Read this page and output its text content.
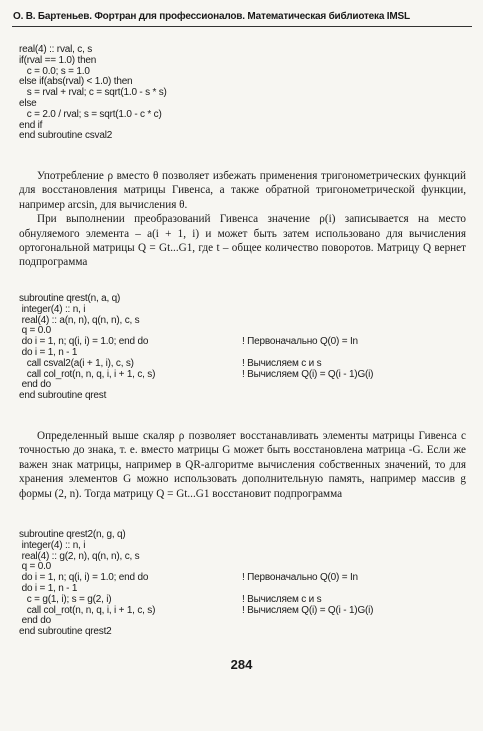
О. В. Бартеньев. Фортран для профессионалов. Математическая библиотека IMSL
real(4) :: rval, c, s
if(rval == 1.0) then
c = 0.0; s = 1.0
else if(abs(rval) < 1.0) then
s = rval + rval; c = sqrt(1.0 - s * s)
else
c = 2.0 / rval; s = sqrt(1.0 - c * c)
end if
end subroutine csval2

Употребление ρ вместо θ позволяет избежать применения тригонометрических функций для восстановления матрицы Гивенса, а также обратной тригонометрической функции, например arcsin, для вычисления θ.

При выполнении преобразований Гивенса значение ρ(i) записывается на место обнуляемого элемента – a(i + 1, i) и может быть затем использовано для вычисления ортогональной матрицы Q = Gt...G1, где t – общее количество поворотов. Матрицу Q вернет подпрограмма

subroutine qrest(n, a, q)
integer(4) :: n, i
real(4) :: a(n, n), q(n, n), c, s
q = 0.0
do i = 1, n; q(i, i) = 1.0; end do	! Первоначально Q(0) = In
do i = 1, n - 1
call csval2(a(i + 1, i), c, s)	! Вычисляем c и s
call col_rot(n, n, q, i, i + 1, c, s)	! Вычисляем Q(i) = Q(i - 1)G(i)
end do
end subroutine qrest

Определенный выше скаляр ρ позволяет восстанавливать элементы матрицы Гивенса с точностью до знака, т. е. вместо матрицы G может быть восстановлена матрица -G. Если же важен знак матрицы, например в QR-алгоритме вычисления собственных значений, то для хранения элементов G можно использовать дополнительную память, например массив g формы (2, n). Тогда матрицу Q = Gt...G1 восстановит подпрограмма

subroutine qrest2(n, g, q)
integer(4) :: n, i
real(4) :: g(2, n), q(n, n), c, s
q = 0.0
do i = 1, n; q(i, i) = 1.0; end do	! Первоначально Q(0) = In
do i = 1, n - 1
c = g(1, i); s = g(2, i)	! Вычисляем c и s
call col_rot(n, n, q, i, i + 1, c, s)	! Вычисляем Q(i) = Q(i - 1)G(i)
end do
end subroutine qrest2
284
